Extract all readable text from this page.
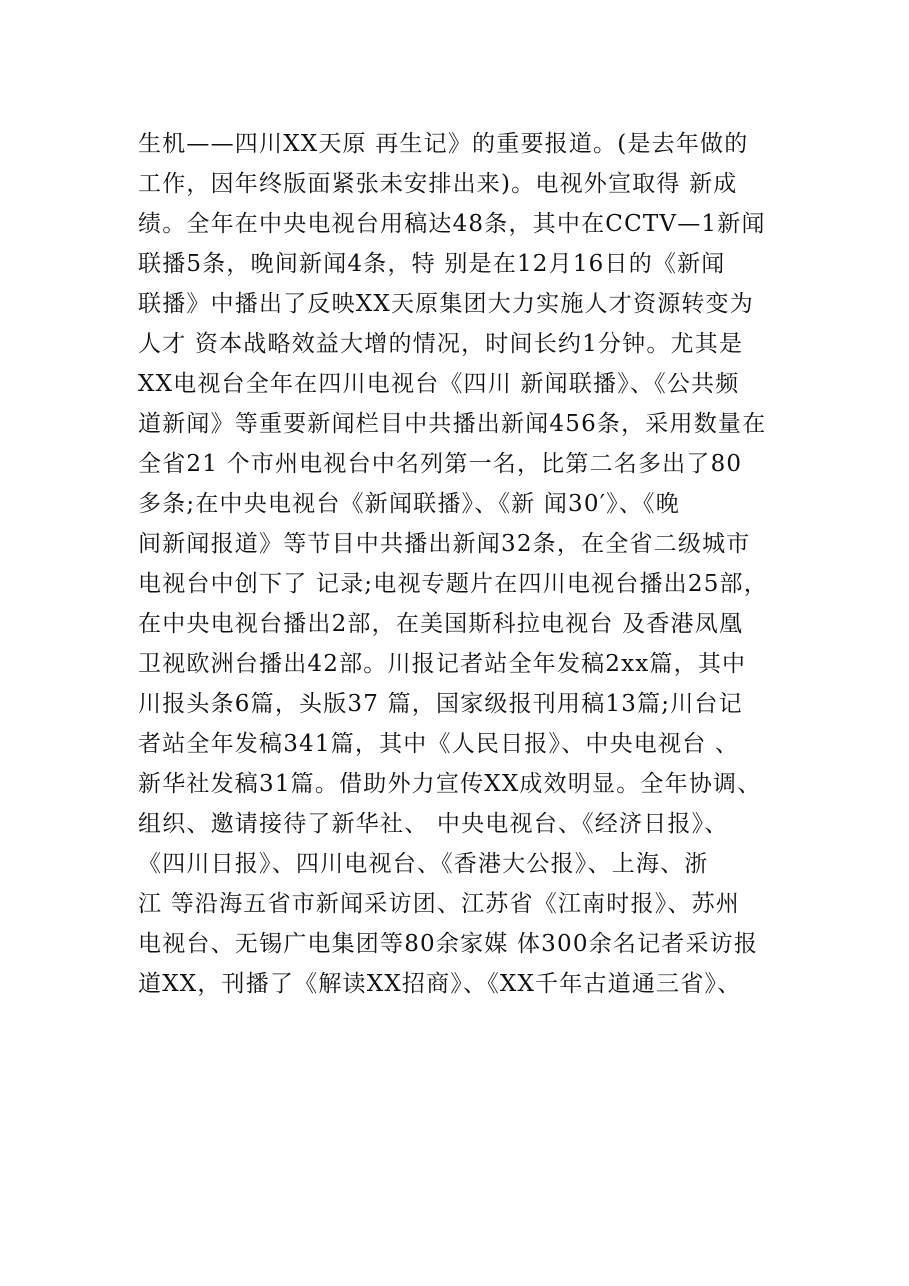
生机——四川XX天原 再生记》的重要报道。(是去年做的
工作，因年终版面紧张未安排出来)。电视外宣取得 新成
绩。全年在中央电视台用稿达48条，其中在CCTV—1新闻
联播5条，晚间新闻4条，特 别是在12月16日的《新闻
联播》中播出了反映XX天原集团大力实施人才资源转变为
人才 资本战略效益大增的情况，时间长约1分钟。尤其是
XX电视台全年在四川电视台《四川 新闻联播》、《公共频
道新闻》等重要新闻栏目中共播出新闻456条，采用数量在
全省21 个市州电视台中名列第一名，比第二名多出了80
多条;在中央电视台《新闻联播》、《新 闻30′》、《晚
间新闻报道》等节目中共播出新闻32条，在全省二级城市
电视台中创下了 记录;电视专题片在四川电视台播出25部，
在中央电视台播出2部，在美国斯科拉电视台 及香港凤凰
卫视欧洲台播出42部。川报记者站全年发稿2xx篇，其中
川报头条6篇，头版37 篇，国家级报刊用稿13篇;川台记
者站全年发稿341篇，其中《人民日报》、中央电视台 、
新华社发稿31篇。借助外力宣传XX成效明显。全年协调、
组织、邀请接待了新华社、 中央电视台、《经济日报》、
《四川日报》、四川电视台、《香港大公报》、上海、浙
江 等沿海五省市新闻采访团、江苏省《江南时报》、苏州
电视台、无锡广电集团等80余家媒 体300余名记者采访报
道XX，刊播了《解读XX招商》、《XX千年古道通三省》、
